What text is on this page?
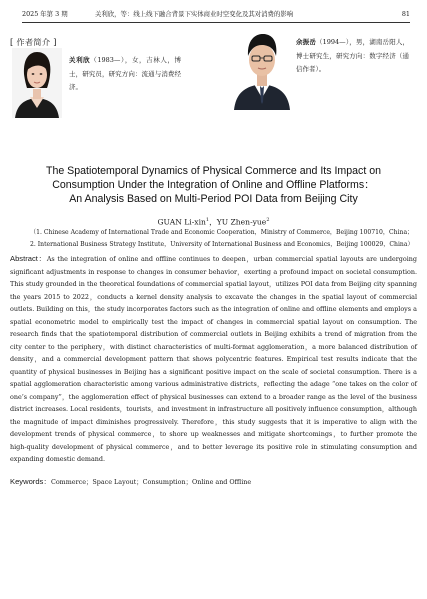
2025 年第 3 期	关利欣，等：线上线下融合背景下实体商业时空变化及其对消费的影响	81
[ 作者简介 ]
关利欣（1983—），女，吉林人，博士，研究员，研究方向：流通与消费经济。
余振岳（1994—），男，湖南岳阳人，博士研究生，研究方向：数字经济（通信作者）。
The Spatiotemporal Dynamics of Physical Commerce and Its Impact on
Consumption Under the Integration of Online and Offline Platforms：
An Analysis Based on Multi-Period POI Data from Beijing City
GUAN Li-xin$^1$，YU Zhen-yue$^2$
（1. Chinese Academy of International Trade and Economic Cooperation，Ministry of Commerce，Beijing 100710，China；
2. International Business Strategy Institute，University of International Business and Economics，Beijing 100029，China）
Abstract：As the integration of online and offline continues to deepen，urban commercial spatial layouts are undergoing significant adjustments in response to changes in consumer behavior，exerting a profound impact on societal consumption. This study grounded in the theoretical foundations of commercial spatial layout，utilizes POI data from Beijing city spanning the years 2015 to 2022，conducts a kernel density analysis to excavate the changes in the spatial layout of commercial outlets. Building on this，the study incorporates factors such as the integration of online and offline elements and employs a spatial econometric model to empirically test the impact of changes in commercial spatial layout on consumption. The research finds that the spatiotemporal distribution of commercial outlets in Beijing exhibits a trend of migration from the city center to the periphery，with distinct characteristics of multi-format agglomeration，a more balanced distribution of density，and a commercial development pattern that shows polycentric features. Empirical test results indicate that the quantity of physical businesses in Beijing has a significant positive impact on the scale of societal consumption. There is a spatial agglomeration characteristic among various administrative districts，reflecting the adage “one takes on the color of one’s company”，the agglomeration effect of physical businesses can extend to a broader range as the level of the business district increases. Local residents，tourists，and investment in infrastructure all positively influence consumption，although the magnitude of impact diminishes progressively. Therefore，this study suggests that it is imperative to align with the development trends of physical commerce，to shore up weaknesses and mitigate shortcomings，to further promote the high-quality development of physical commerce，and to better leverage its positive role in stimulating consumption and expanding domestic demand.
Keywords：Commerce；Space Layout；Consumption；Online and Offline
